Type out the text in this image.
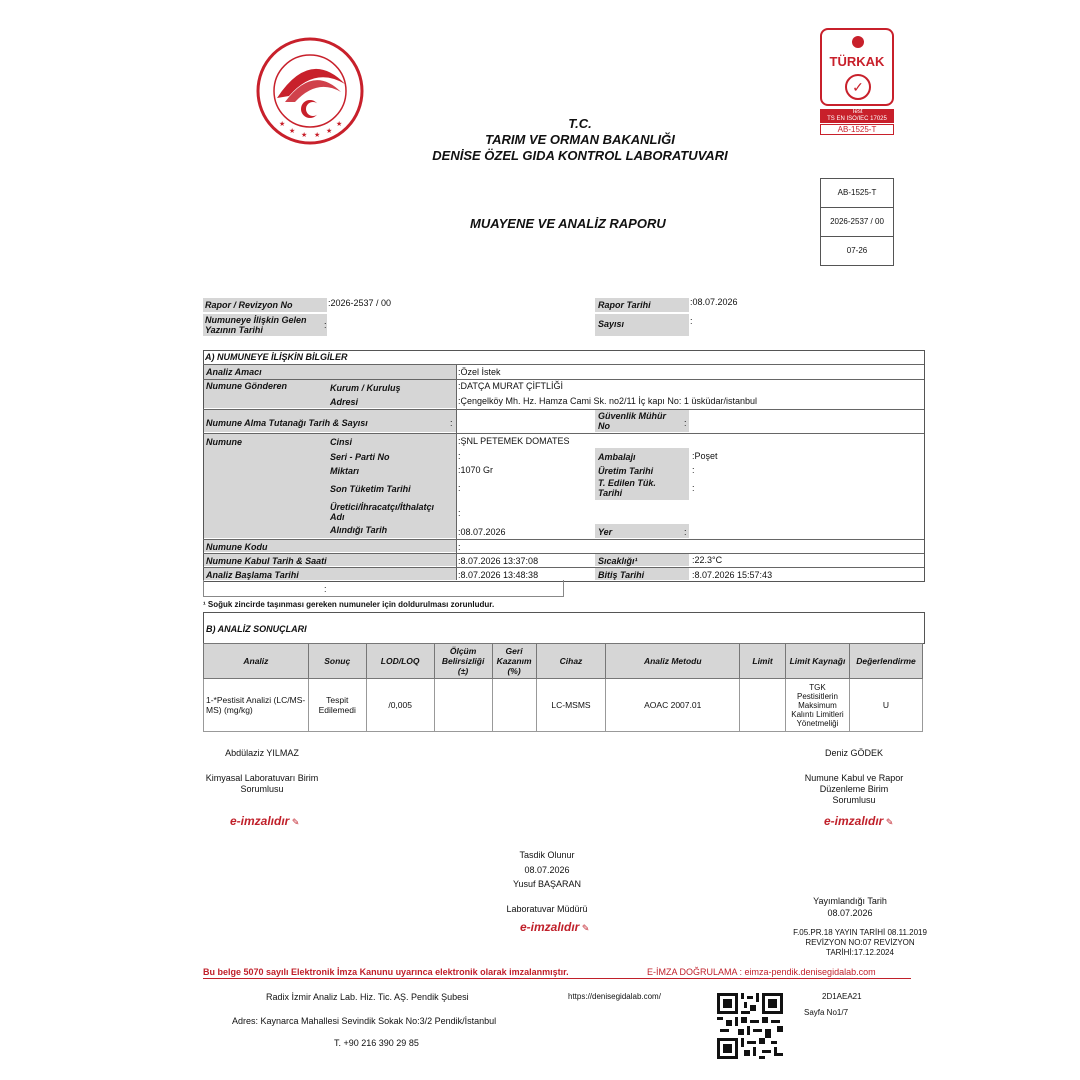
★
★ ★ ★ ★
★
TÜRKAK
✓
Test
TS EN ISO/IEC 17025
AB-1525-T
T.C.
TARIM VE ORMAN BAKANLIĞI
DENİSE ÖZEL GIDA KONTROL LABORATUVARI
MUAYENE VE ANALİZ RAPORU
AB-1525-T
2026-2537 / 00
07-26
Rapor / Revizyon No	:2026-2537 / 00
Numuneye İlişkin Gelen Yazının Tarihi	:
Rapor Tarihi	:08.07.2026
Sayısı	:
A) NUMUNEYE İLİŞKİN BİLGİLER
Analiz Amacı	:Özel İstek
Numune Gönderen	Kurum / Kuruluş	:DATÇA MURAT ÇİFTLİĞİ
Adresi	:Çengelköy Mh. Hz. Hamza Cami Sk. no2/11 İç kapı No: 1 üsküdar/istanbul
Numune Alma Tutanağı Tarih & Sayısı	:
Güvenlik Mühür No	:
Numune	Cinsi	:ŞNL PETEMEK DOMATES
Seri - Parti No	:	Ambalajı	:Poşet
Miktarı	:1070 Gr	Üretim Tarihi	:
Son Tüketim Tarihi	:	T. Edilen Tük. Tarihi	:
Üretici/İhracatçı/İthalatçı Adı	:
Alındığı Tarih	:08.07.2026	Yer	:
Numune Kodu	:
Numune Kabul Tarih & Saati	:8.07.2026 13:37:08	Sıcaklığı¹	:22.3°C
Analiz Başlama Tarihi	:8.07.2026 13:48:38	Bitiş Tarihi	:8.07.2026 15:57:43
:
¹ Soğuk zincirde taşınması gereken numuneler için doldurulması zorunludur.
B) ANALİZ SONUÇLARI
Analiz	Sonuç	LOD/LOQ	Ölçüm Belirsizliği (±)	Geri Kazanım (%)	Cihaz	Analiz Metodu	Limit	Limit Kaynağı	Değerlendirme
1-*Pestisit Analizi (LC/MS-MS) (mg/kg)	Tespit Edilemedi	/0,005			LC-MSMS	AOAC 2007.01		TGK Pestisitlerin Maksimum Kalıntı Limitleri Yönetmeliği	U
Abdülaziz YILMAZ
Kimyasal Laboratuvarı Birim Sorumlusu
e-imzalıdır ✎
Deniz GÖDEK
Numune Kabul ve Rapor Düzenleme Birim Sorumlusu
e-imzalıdır ✎
Tasdik Olunur
08.07.2026
Yusuf BAŞARAN
Laboratuvar Müdürü
e-imzalıdır ✎
Yayımlandığı Tarih
08.07.2026
F.05.PR.18 YAYIN TARİHİ 08.11.2019
REVİZYON NO:07 REVİZYON
TARİHİ:17.12.2024
Bu belge 5070 sayılı Elektronik İmza Kanunu uyarınca elektronik olarak imzalanmıştır.	E-İMZA DOĞRULAMA : eimza-pendik.denisegidalab.com
Radix İzmir Analiz Lab. Hiz. Tic. AŞ. Pendik Şubesi	https://denisegidalab.com/
Adres: Kaynarca Mahallesi Sevindik Sokak No:3/2 Pendik/İstanbul
T. +90 216 390 29 85
2D1AEA21
Sayfa No1/7
